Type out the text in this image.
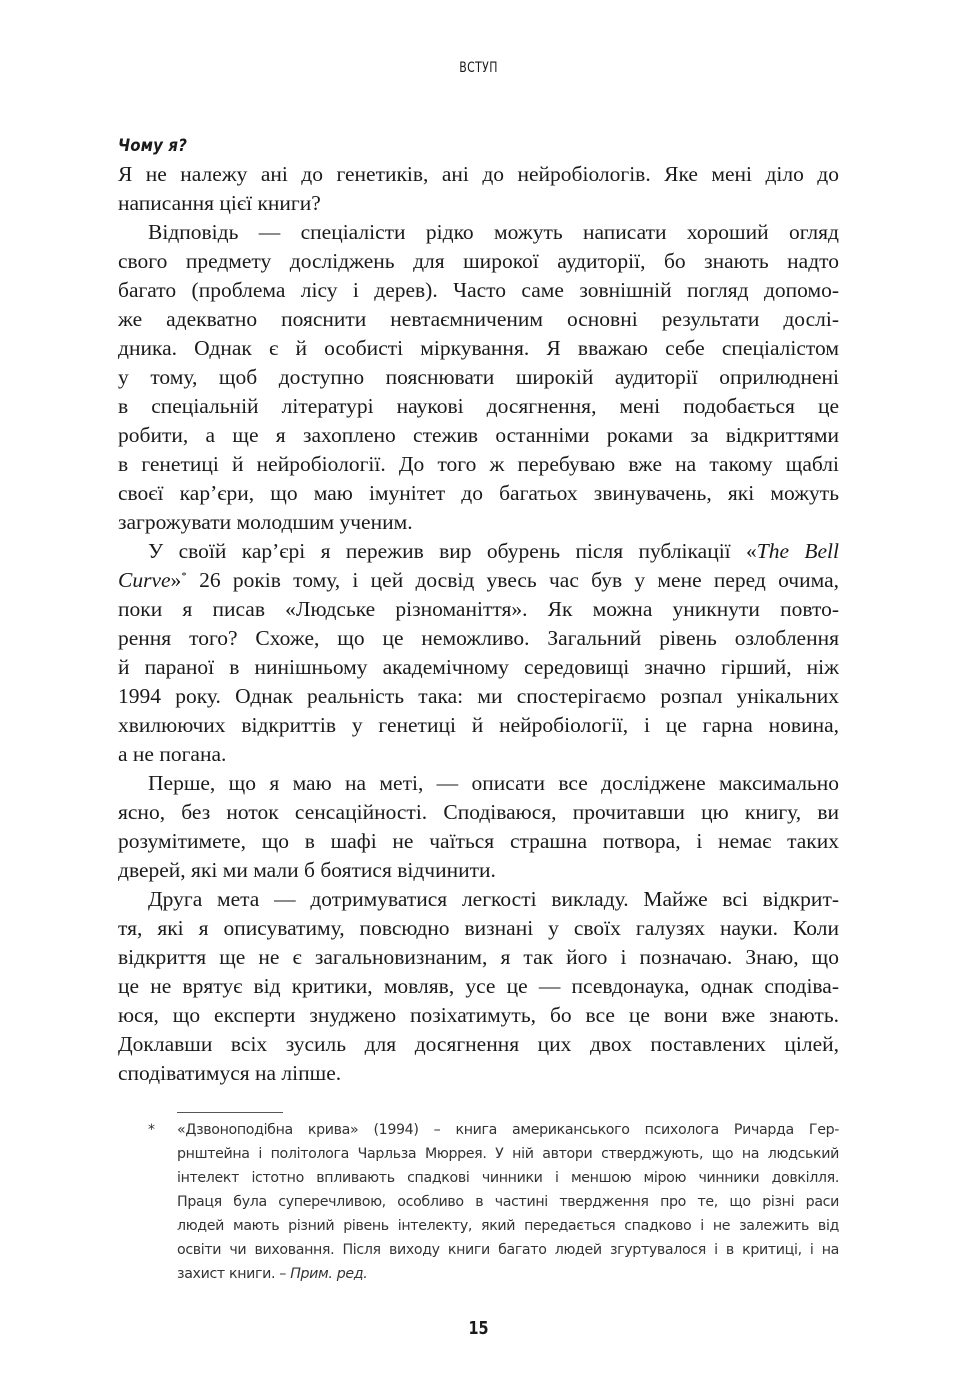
ВСТУП
Чому я?
Я не належу ані до генетиків, ані до нейробіологів. Яке мені діло до
написання цієї книги?
Відповідь — спеціалісти рідко можуть написати хороший огляд
свого предмету досліджень для широкої аудиторії, бо знають надто
багато (проблема лісу і дерев). Часто саме зовнішній погляд допомо-
же адекватно пояснити невтаємниченим основні результати дослі-
дника. Однак є й особисті міркування. Я вважаю себе спеціалістом
у тому, щоб доступно пояснювати широкій аудиторії оприлюднені
в спеціальній літературі наукові досягнення, мені подобається це
робити, а ще я захоплено стежив останніми роками за відкриттями
в генетиці й нейробіології. До того ж перебуваю вже на такому щаблі
своєї кар’єри, що маю імунітет до багатьох звинувачень, які можуть
загрожувати молодшим ученим.
У своїй кар’єрі я пережив вир обурень після публікації «The Bell
Curve»* 26 років тому, і цей досвід увесь час був у мене перед очима,
поки я писав «Людське різноманіття». Як можна уникнути повто-
рення того? Схоже, що це неможливо. Загальний рівень озлоблення
й параної в нинішньому академічному середовищі значно гірший, ніж
1994 року. Однак реальність така: ми спостерігаємо розпал унікальних
хвилюючих відкриттів у генетиці й нейробіології, і це гарна новина,
а не погана.
Перше, що я маю на меті, — описати все досліджене максимально
ясно, без ноток сенсаційності. Сподіваюся, прочитавши цю книгу, ви
розумітимете, що в шафі не чаїться страшна потвора, і немає таких
дверей, які ми мали б боятися відчинити.
Друга мета — дотримуватися легкості викладу. Майже всі відкрит-
тя, які я описуватиму, повсюдно визнані у своїх галузях науки. Коли
відкриття ще не є загальновизнаним, я так його і позначаю. Знаю, що
це не врятує від критики, мовляв, усе це — псевдонаука, однак сподіва-
юся, що експерти знуджено позіхатимуть, бо все це вони вже знають.
Доклавши всіх зусиль для досягнення цих двох поставлених цілей,
сподіватимуся на ліпше.
* «Дзвоноподібна крива» (1994) – книга американського психолога Ричарда Гер-
рнштейна і політолога Чарльза Мюррея. У ній автори стверджують, що на людський
інтелект істотно впливають спадкові чинники і меншою мірою чинники довкілля.
Праця була суперечливою, особливо в частині твердження про те, що різні раси
людей мають різний рівень інтелекту, який передається спадково і не залежить від
освіти чи виховання. Після виходу книги багато людей згуртувалося і в критиці, і на
захист книги. – Прим. ред.
15
